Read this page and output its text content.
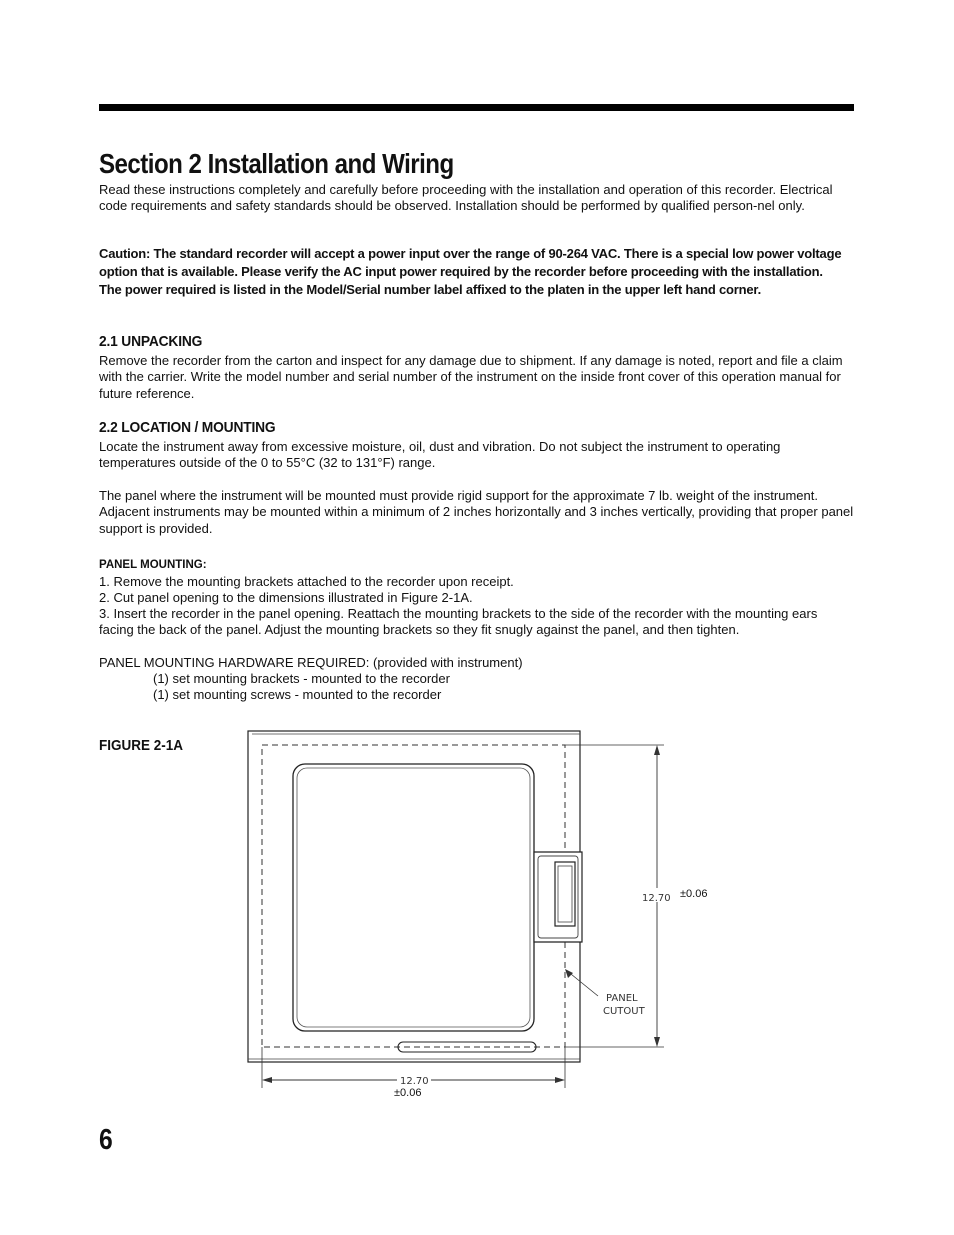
Section 2 Installation and Wiring

Read these instructions completely and carefully before proceeding with the installation and operation of this recorder. Electrical code requirements and safety standards should be observed. Installation should be performed by qualified person-nel only.

Caution: The standard recorder will accept a power input over the range of 90-264 VAC. There is a special low power voltage option that is available. Please verify the AC input power required by the recorder before proceeding with the installation. The power required is listed in the Model/Serial number label affixed to the platen in the upper left hand corner.

2.1 UNPACKING

Remove the recorder from the carton and inspect for any damage due to shipment. If any damage is noted, report and file a claim with the carrier. Write the model number and serial number of the instrument on the inside front cover of this operation manual for future reference.

2.2 LOCATION / MOUNTING

Locate the instrument away from excessive moisture, oil, dust and vibration. Do not subject the instrument to operating temperatures outside of the 0 to 55°C (32 to 131°F) range.

The panel where the instrument will be mounted must provide rigid support for the approximate 7 lb. weight of the instrument. Adjacent instruments may be mounted within a minimum of 2 inches horizontally and 3 inches vertically, providing that proper panel support is provided.

PANEL MOUNTING:

1. Remove the mounting brackets attached to the recorder upon receipt.

2. Cut panel opening to the dimensions illustrated in Figure 2-1A.

3. Insert the recorder in the panel opening. Reattach the mounting brackets to the side of the recorder with the mounting ears facing the back of the panel. Adjust the mounting brackets so they fit snugly against the panel, and then tighten.

PANEL MOUNTING HARDWARE REQUIRED: (provided with instrument)

(1) set mounting brackets - mounted to the recorder

(1) set mounting screws - mounted to the recorder

FIGURE 2-1A

12.70 ±0.06
12.70
±0.06
PANEL
CUTOUT

6
